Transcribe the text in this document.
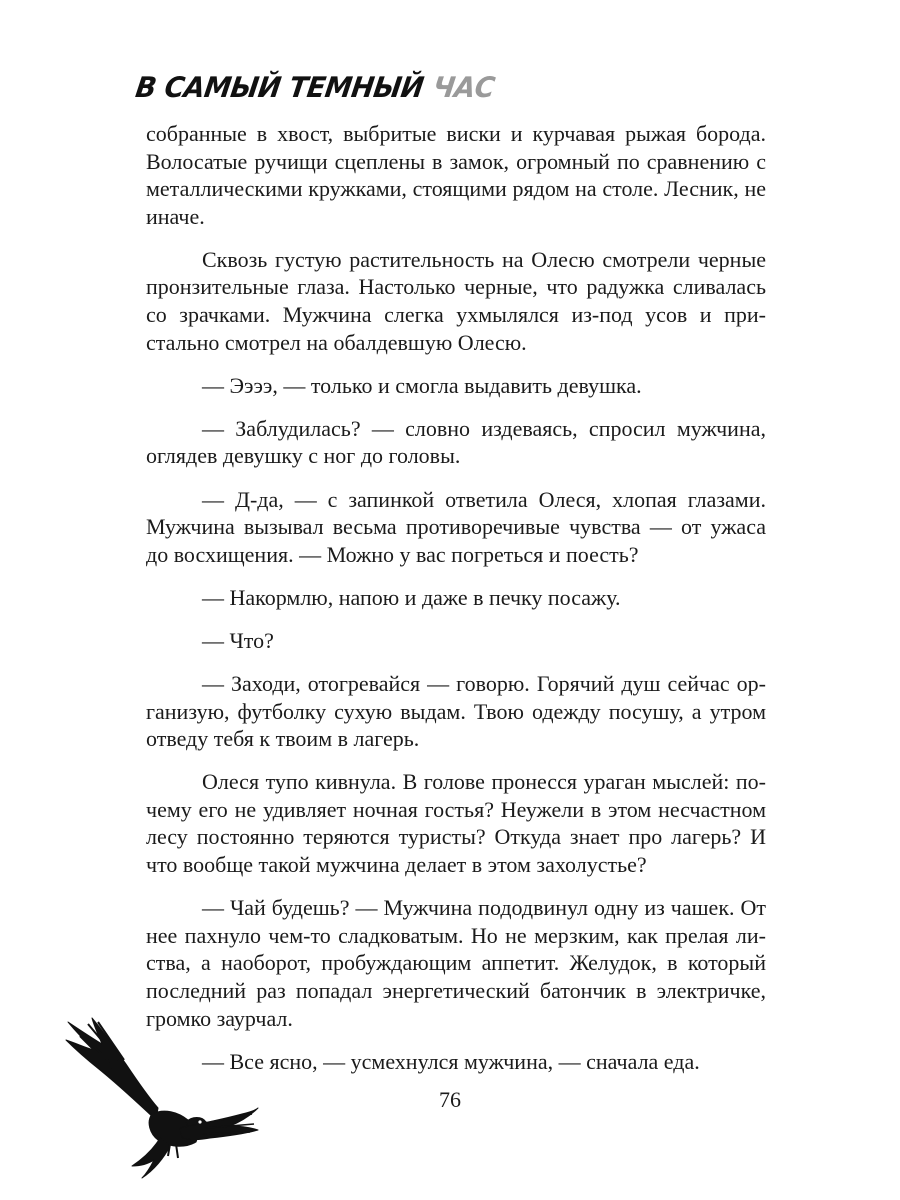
В САМЫЙ ТЕМНЫЙ ЧАС

собранные в хвост, выбритые виски и курчавая рыжая борода. Волосатые ручищи сцеплены в замок, огромный по сравнению с металлическими кружками, стоящими рядом на столе. Лесник, не иначе.

Сквозь густую растительность на Олесю смотрели черные пронзительные глаза. Настолько черные, что радужка сливалась со зрачками. Мужчина слегка ухмылялся из-под усов и пристально смотрел на обалдевшую Олесю.

— Ээээ, — только и смогла выдавить девушка.

— Заблудилась? — словно издеваясь, спросил мужчина, оглядев девушку с ног до головы.

— Д-да, — с запинкой ответила Олеся, хлопая глазами. Мужчина вызывал весьма противоречивые чувства — от ужаса до восхищения. — Можно у вас погреться и поесть?

— Накормлю, напою и даже в печку посажу.

— Что?

— Заходи, отогревайся — говорю. Горячий душ сейчас организую, футболку сухую выдам. Твою одежду посушу, а утром отведу тебя к твоим в лагерь.

Олеся тупо кивнула. В голове пронесся ураган мыслей: почему его не удивляет ночная гостья? Неужели в этом несчастном лесу постоянно теряются туристы? Откуда знает про лагерь? И что вообще такой мужчина делает в этом захолустье?

— Чай будешь? — Мужчина пододвинул одну из чашек. От нее пахнуло чем-то сладковатым. Но не мерзким, как прелая листва, а наоборот, пробуждающим аппетит. Желудок, в который последний раз попадал энергетический батончик в электричке, громко заурчал.

— Все ясно, — усмехнулся мужчина, — сначала еда.

76
